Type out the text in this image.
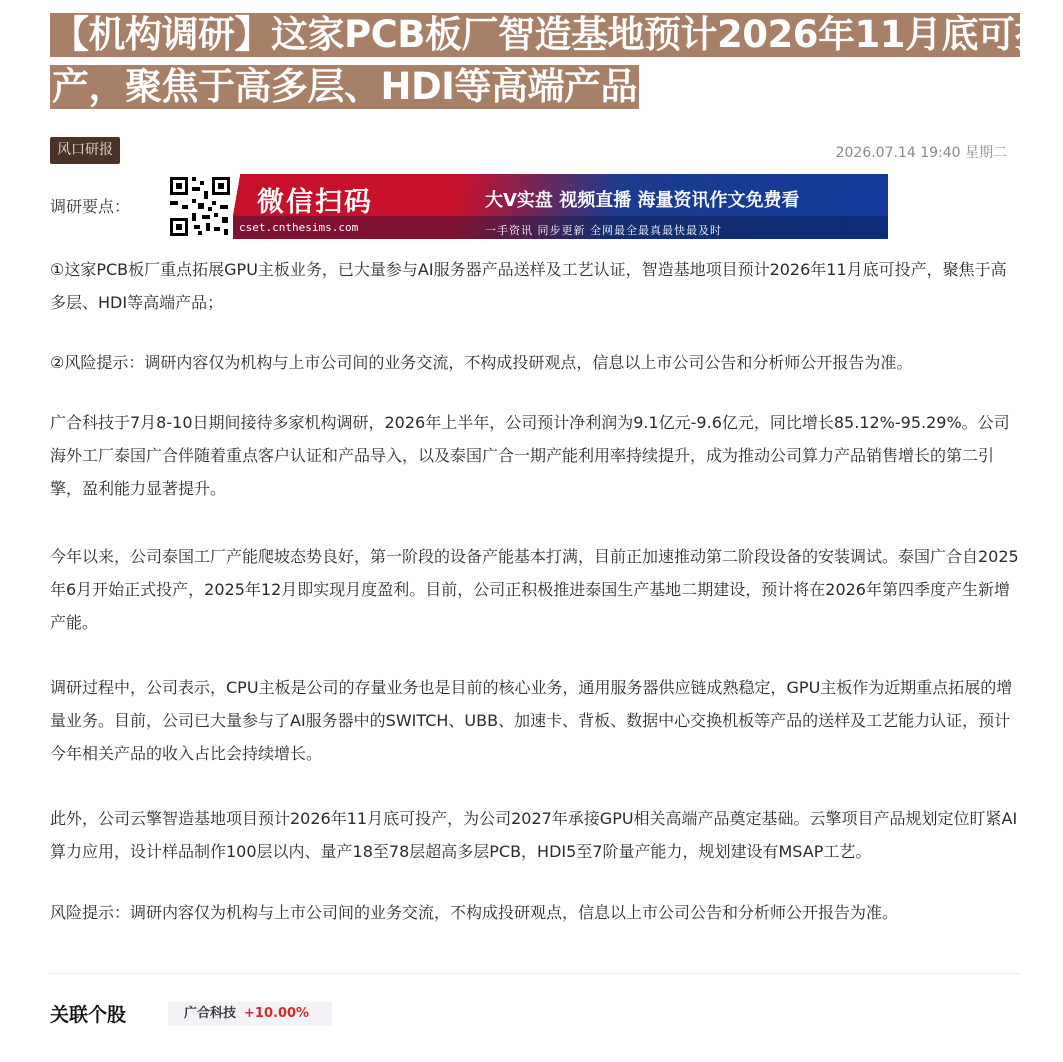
【机构调研】这家PCB板厂智造基地预计2026年11月底可投
产，聚焦于高多层、HDI等高端产品
风口研报	2026.07.14 19:40 星期二
调研要点：	微信扫码
cset.cnthesims.com
大V实盘 视频直播 海量资讯作文免费看
一手资讯 同步更新 全网最全最真最快最及时

①这家PCB板厂重点拓展GPU主板业务，已大量参与AI服务器产品送样及工艺认证，智造基地项目预计2026年11月底可投产，聚焦于高多层、HDI等高端产品；

②风险提示：调研内容仅为机构与上市公司间的业务交流，不构成投研观点，信息以上市公司公告和分析师公开报告为准。

广合科技于7月8-10日期间接待多家机构调研，2026年上半年，公司预计净利润为9.1亿元-9.6亿元，同比增长85.12%-95.29%。公司海外工厂泰国广合伴随着重点客户认证和产品导入，以及泰国广合一期产能利用率持续提升，成为推动公司算力产品销售增长的第二引擎，盈利能力显著提升。

今年以来，公司泰国工厂产能爬坡态势良好，第一阶段的设备产能基本打满，目前正加速推动第二阶段设备的安装调试。泰国广合自2025年6月开始正式投产，2025年12月即实现月度盈利。目前，公司正积极推进泰国生产基地二期建设，预计将在2026年第四季度产生新增产能。

调研过程中，公司表示，CPU主板是公司的存量业务也是目前的核心业务，通用服务器供应链成熟稳定，GPU主板作为近期重点拓展的增量业务。目前，公司已大量参与了AI服务器中的SWITCH、UBB、加速卡、背板、数据中心交换机板等产品的送样及工艺能力认证，预计今年相关产品的收入占比会持续增长。

此外，公司云擎智造基地项目预计2026年11月底可投产，为公司2027年承接GPU相关高端产品奠定基础。云擎项目产品规划定位盯紧AI算力应用，设计样品制作100层以内、量产18至78层超高多层PCB，HDI5至7阶量产能力，规划建设有MSAP工艺。

风险提示：调研内容仅为机构与上市公司间的业务交流，不构成投研观点，信息以上市公司公告和分析师公开报告为准。

关联个股	广合科技 +10.00%
